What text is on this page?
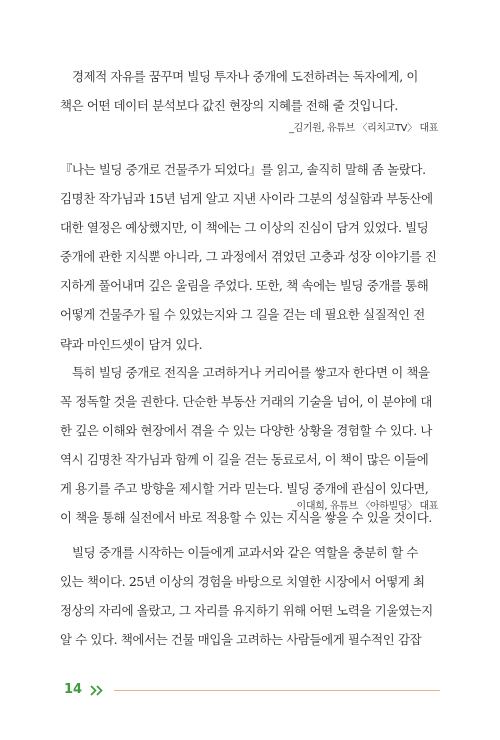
경제적 자유를 꿈꾸며 빌딩 투자나 중개에 도전하려는 독자에게, 이
책은 어떤 데이터 분석보다 값진 현장의 지혜를 전해 줄 것입니다.
_김기원, 유튜브 〈리치고TV〉 대표
『나는 빌딩 중개로 건물주가 되었다』를 읽고, 솔직히 말해 좀 놀랐다.
김명찬 작가님과 15년 넘게 알고 지낸 사이라 그분의 성실함과 부동산에
대한 열정은 예상했지만, 이 책에는 그 이상의 진심이 담겨 있었다. 빌딩
중개에 관한 지식뿐 아니라, 그 과정에서 겪었던 고충과 성장 이야기를 진
지하게 풀어내며 깊은 울림을 주었다. 또한, 책 속에는 빌딩 중개를 통해
어떻게 건물주가 될 수 있었는지와 그 길을 걷는 데 필요한 실질적인 전
략과 마인드셋이 담겨 있다.
특히 빌딩 중개로 전직을 고려하거나 커리어를 쌓고자 한다면 이 책을
꼭 정독할 것을 권한다. 단순한 부동산 거래의 기술을 넘어, 이 분야에 대
한 깊은 이해와 현장에서 겪을 수 있는 다양한 상황을 경험할 수 있다. 나
역시 김명찬 작가님과 함께 이 길을 걷는 동료로서, 이 책이 많은 이들에
게 용기를 주고 방향을 제시할 거라 믿는다. 빌딩 중개에 관심이 있다면,
이 책을 통해 실전에서 바로 적용할 수 있는 지식을 쌓을 수 있을 것이다.
_이대희, 유튜브 〈아하빌딩〉 대표
빌딩 중개를 시작하는 이들에게 교과서와 같은 역할을 충분히 할 수
있는 책이다. 25년 이상의 경험을 바탕으로 치열한 시장에서 어떻게 최
정상의 자리에 올랐고, 그 자리를 유지하기 위해 어떤 노력을 기울였는지
알 수 있다. 책에서는 건물 매입을 고려하는 사람들에게 필수적인 감잡
14
